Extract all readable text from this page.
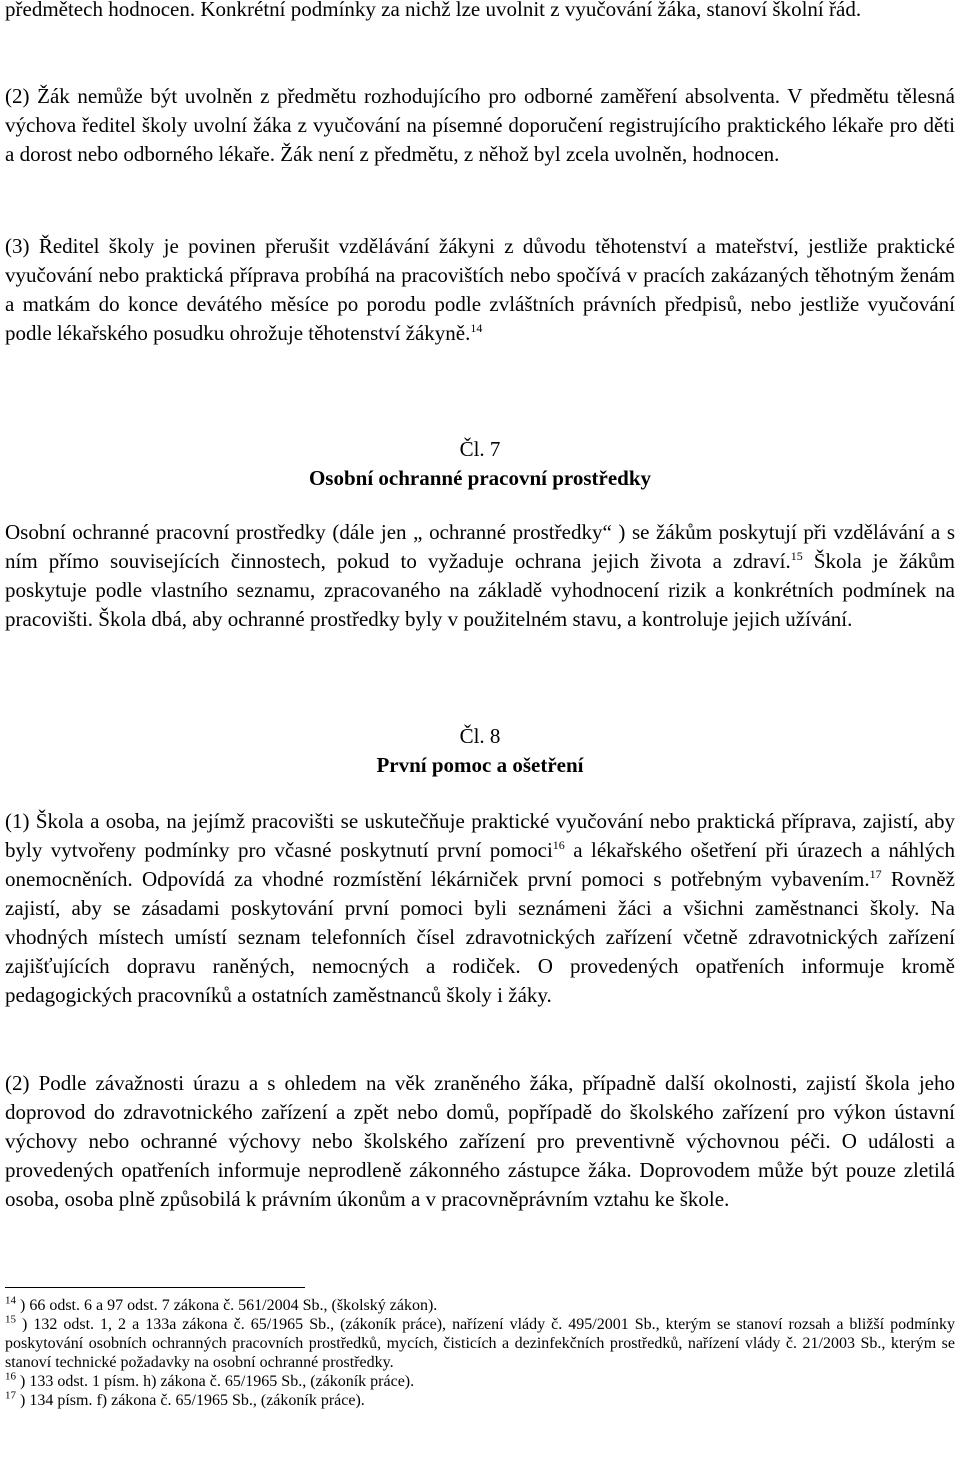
předmětech hodnocen. Konkrétní podmínky za nichž lze uvolnit z vyučování žáka, stanoví školní řád.

(2) Žák nemůže být uvolněn z předmětu rozhodujícího pro odborné zaměření absolventa. V předmětu tělesná výchova ředitel školy uvolní žáka z vyučování na písemné doporučení registrujícího praktického lékaře pro děti a dorost nebo odborného lékaře. Žák není z předmětu, z něhož byl zcela uvolněn, hodnocen.

(3) Ředitel školy je povinen přerušit vzdělávání žákyni z důvodu těhotenství a mateřství, jestliže praktické vyučování nebo praktická příprava probíhá na pracovištích nebo spočívá v pracích zakázaných těhotným ženám a matkám do konce devátého měsíce po porodu podle zvláštních právních předpisů, nebo jestliže vyučování podle lékařského posudku ohrožuje těhotenství žákyně.$^{14}$

Čl. 7
Osobní ochranné pracovní prostředky

Osobní ochranné pracovní prostředky (dále jen „ ochranné prostředky“ ) se žákům poskytují při vzdělávání a s ním přímo souvisejících činnostech, pokud to vyžaduje ochrana jejich života a zdraví.$^{15}$ Škola je žákům poskytuje podle vlastního seznamu, zpracovaného na základě vyhodnocení rizik a konkrétních podmínek na pracovišti. Škola dbá, aby ochranné prostředky byly v použitelném stavu, a kontroluje jejich užívání.

Čl. 8
První pomoc a ošetření

(1) Škola a osoba, na jejímž pracovišti se uskutečňuje praktické vyučování nebo praktická příprava, zajistí, aby byly vytvořeny podmínky pro včasné poskytnutí první pomoci$^{16}$ a lékařského ošetření při úrazech a náhlých onemocněních. Odpovídá za vhodné rozmístění lékárniček první pomoci s potřebným vybavením.$^{17}$ Rovněž zajistí, aby se zásadami poskytování první pomoci byli seznámeni žáci a všichni zaměstnanci školy. Na vhodných místech umístí seznam telefonních čísel zdravotnických zařízení včetně zdravotnických zařízení zajišťujících dopravu raněných, nemocných a rodiček. O provedených opatřeních informuje kromě pedagogických pracovníků a ostatních zaměstnanců školy i žáky.

(2) Podle závažnosti úrazu a s ohledem na věk zraněného žáka, případně další okolnosti, zajistí škola jeho doprovod do zdravotnického zařízení a zpět nebo domů, popřípadě do školského zařízení pro výkon ústavní výchovy nebo ochranné výchovy nebo školského zařízení pro preventivně výchovnou péči. O události a provedených opatřeních informuje neprodleně zákonného zástupce žáka. Doprovodem může být pouze zletilá osoba, osoba plně způsobilá k právním úkonům a v pracovněprávním vztahu ke škole.

$^{14}$ ) 66 odst. 6 a 97 odst. 7 zákona č. 561/2004 Sb., (školský zákon).

$^{15}$ ) 132 odst. 1, 2 a 133a zákona č. 65/1965 Sb., (zákoník práce), nařízení vlády č. 495/2001 Sb., kterým se stanoví rozsah a bližší podmínky poskytování osobních ochranných pracovních prostředků, mycích, čisticích a dezinfekčních prostředků, nařízení vlády č. 21/2003 Sb., kterým se stanoví technické požadavky na osobní ochranné prostředky.

$^{16}$ ) 133 odst. 1 písm. h) zákona č. 65/1965 Sb., (zákoník práce).

$^{17}$ ) 134 písm. f) zákona č. 65/1965 Sb., (zákoník práce).
